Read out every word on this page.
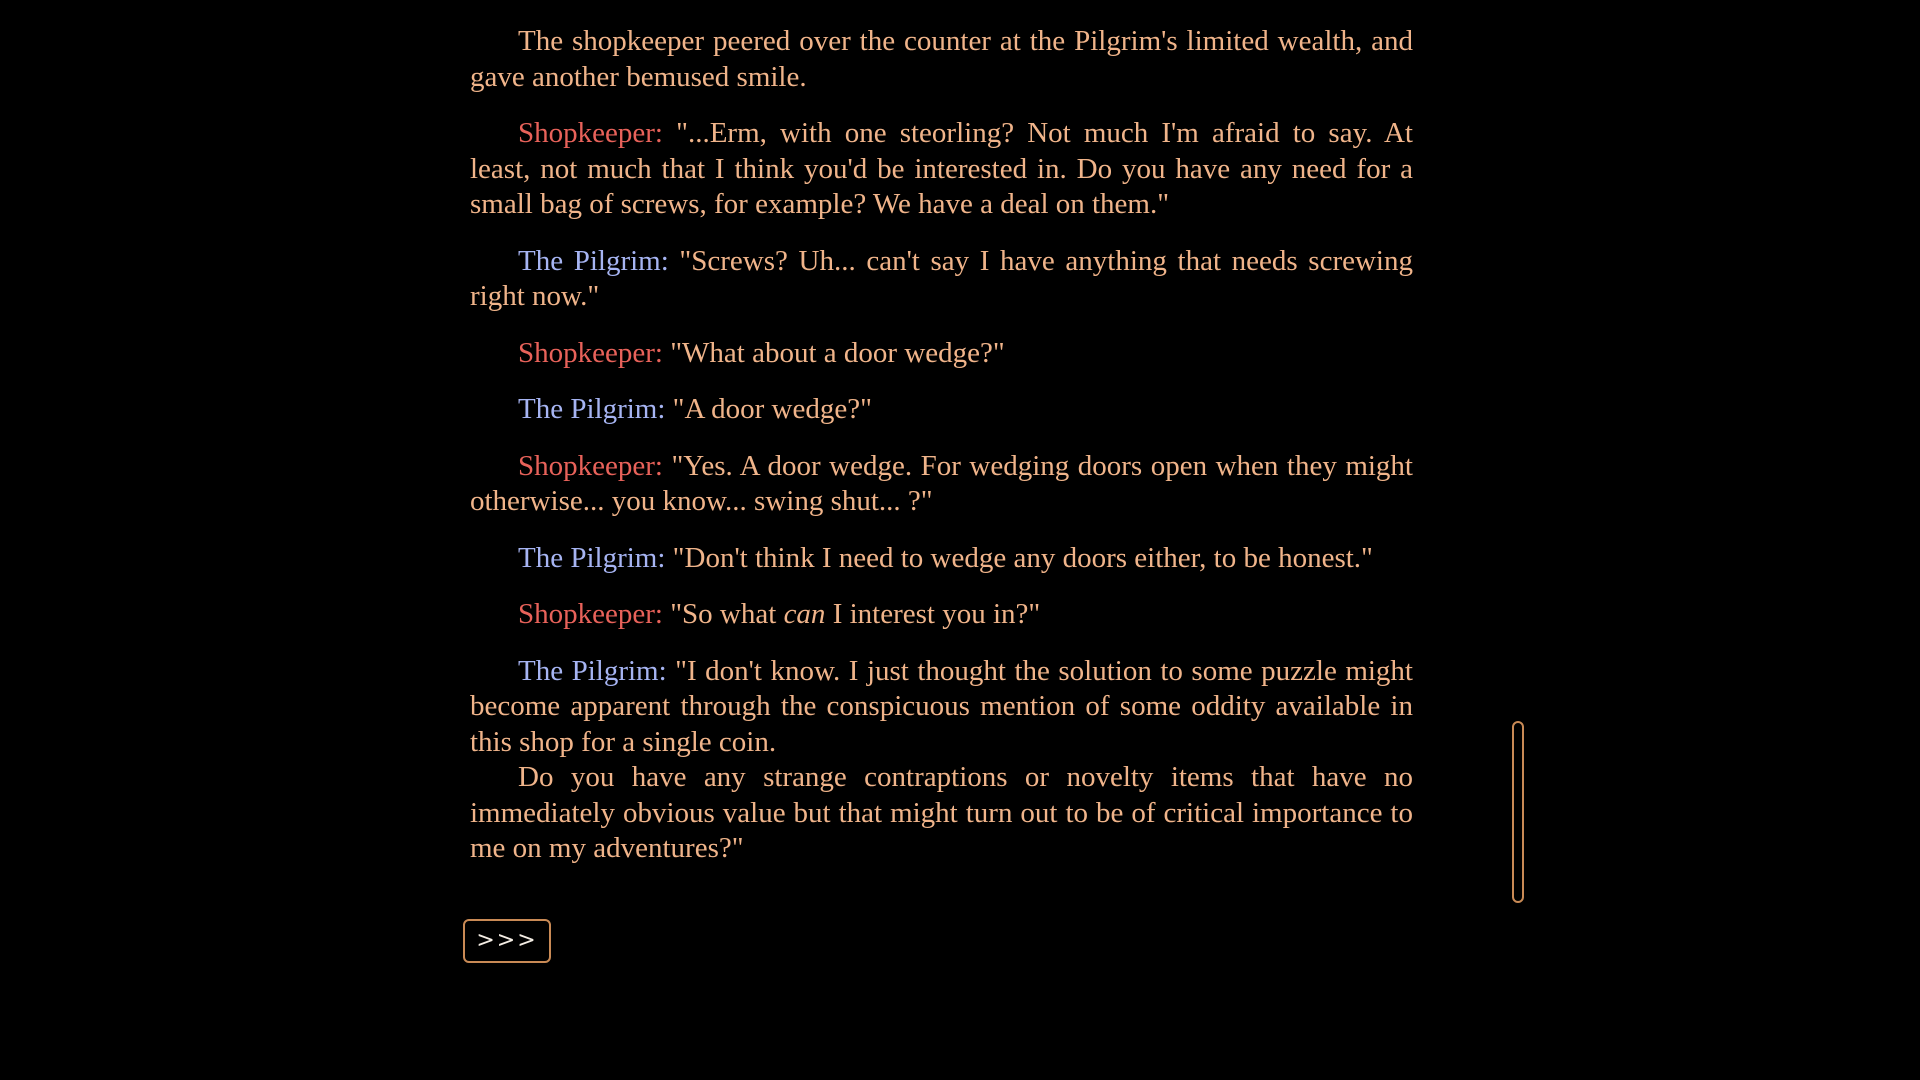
The shopkeeper peered over the counter at the Pilgrim's limited wealth, and gave another bemused smile.

Shopkeeper: "...Erm, with one steorling? Not much I'm afraid to say. At least, not much that I think you'd be interested in. Do you have any need for a small bag of screws, for example? We have a deal on them."

The Pilgrim: "Screws? Uh... can't say I have anything that needs screwing right now."

Shopkeeper: "What about a door wedge?"

The Pilgrim: "A door wedge?"

Shopkeeper: "Yes. A door wedge. For wedging doors open when they might otherwise... you know... swing shut... ?"

The Pilgrim: "Don't think I need to wedge any doors either, to be honest."

Shopkeeper: "So what can I interest you in?"

The Pilgrim: "I don't know. I just thought the solution to some puzzle might become apparent through the conspicuous mention of some oddity available in this shop for a single coin.

Do you have any strange contraptions or novelty items that have no immediately obvious value but that might turn out to be of critical importance to me on my adventures?"

>>>
